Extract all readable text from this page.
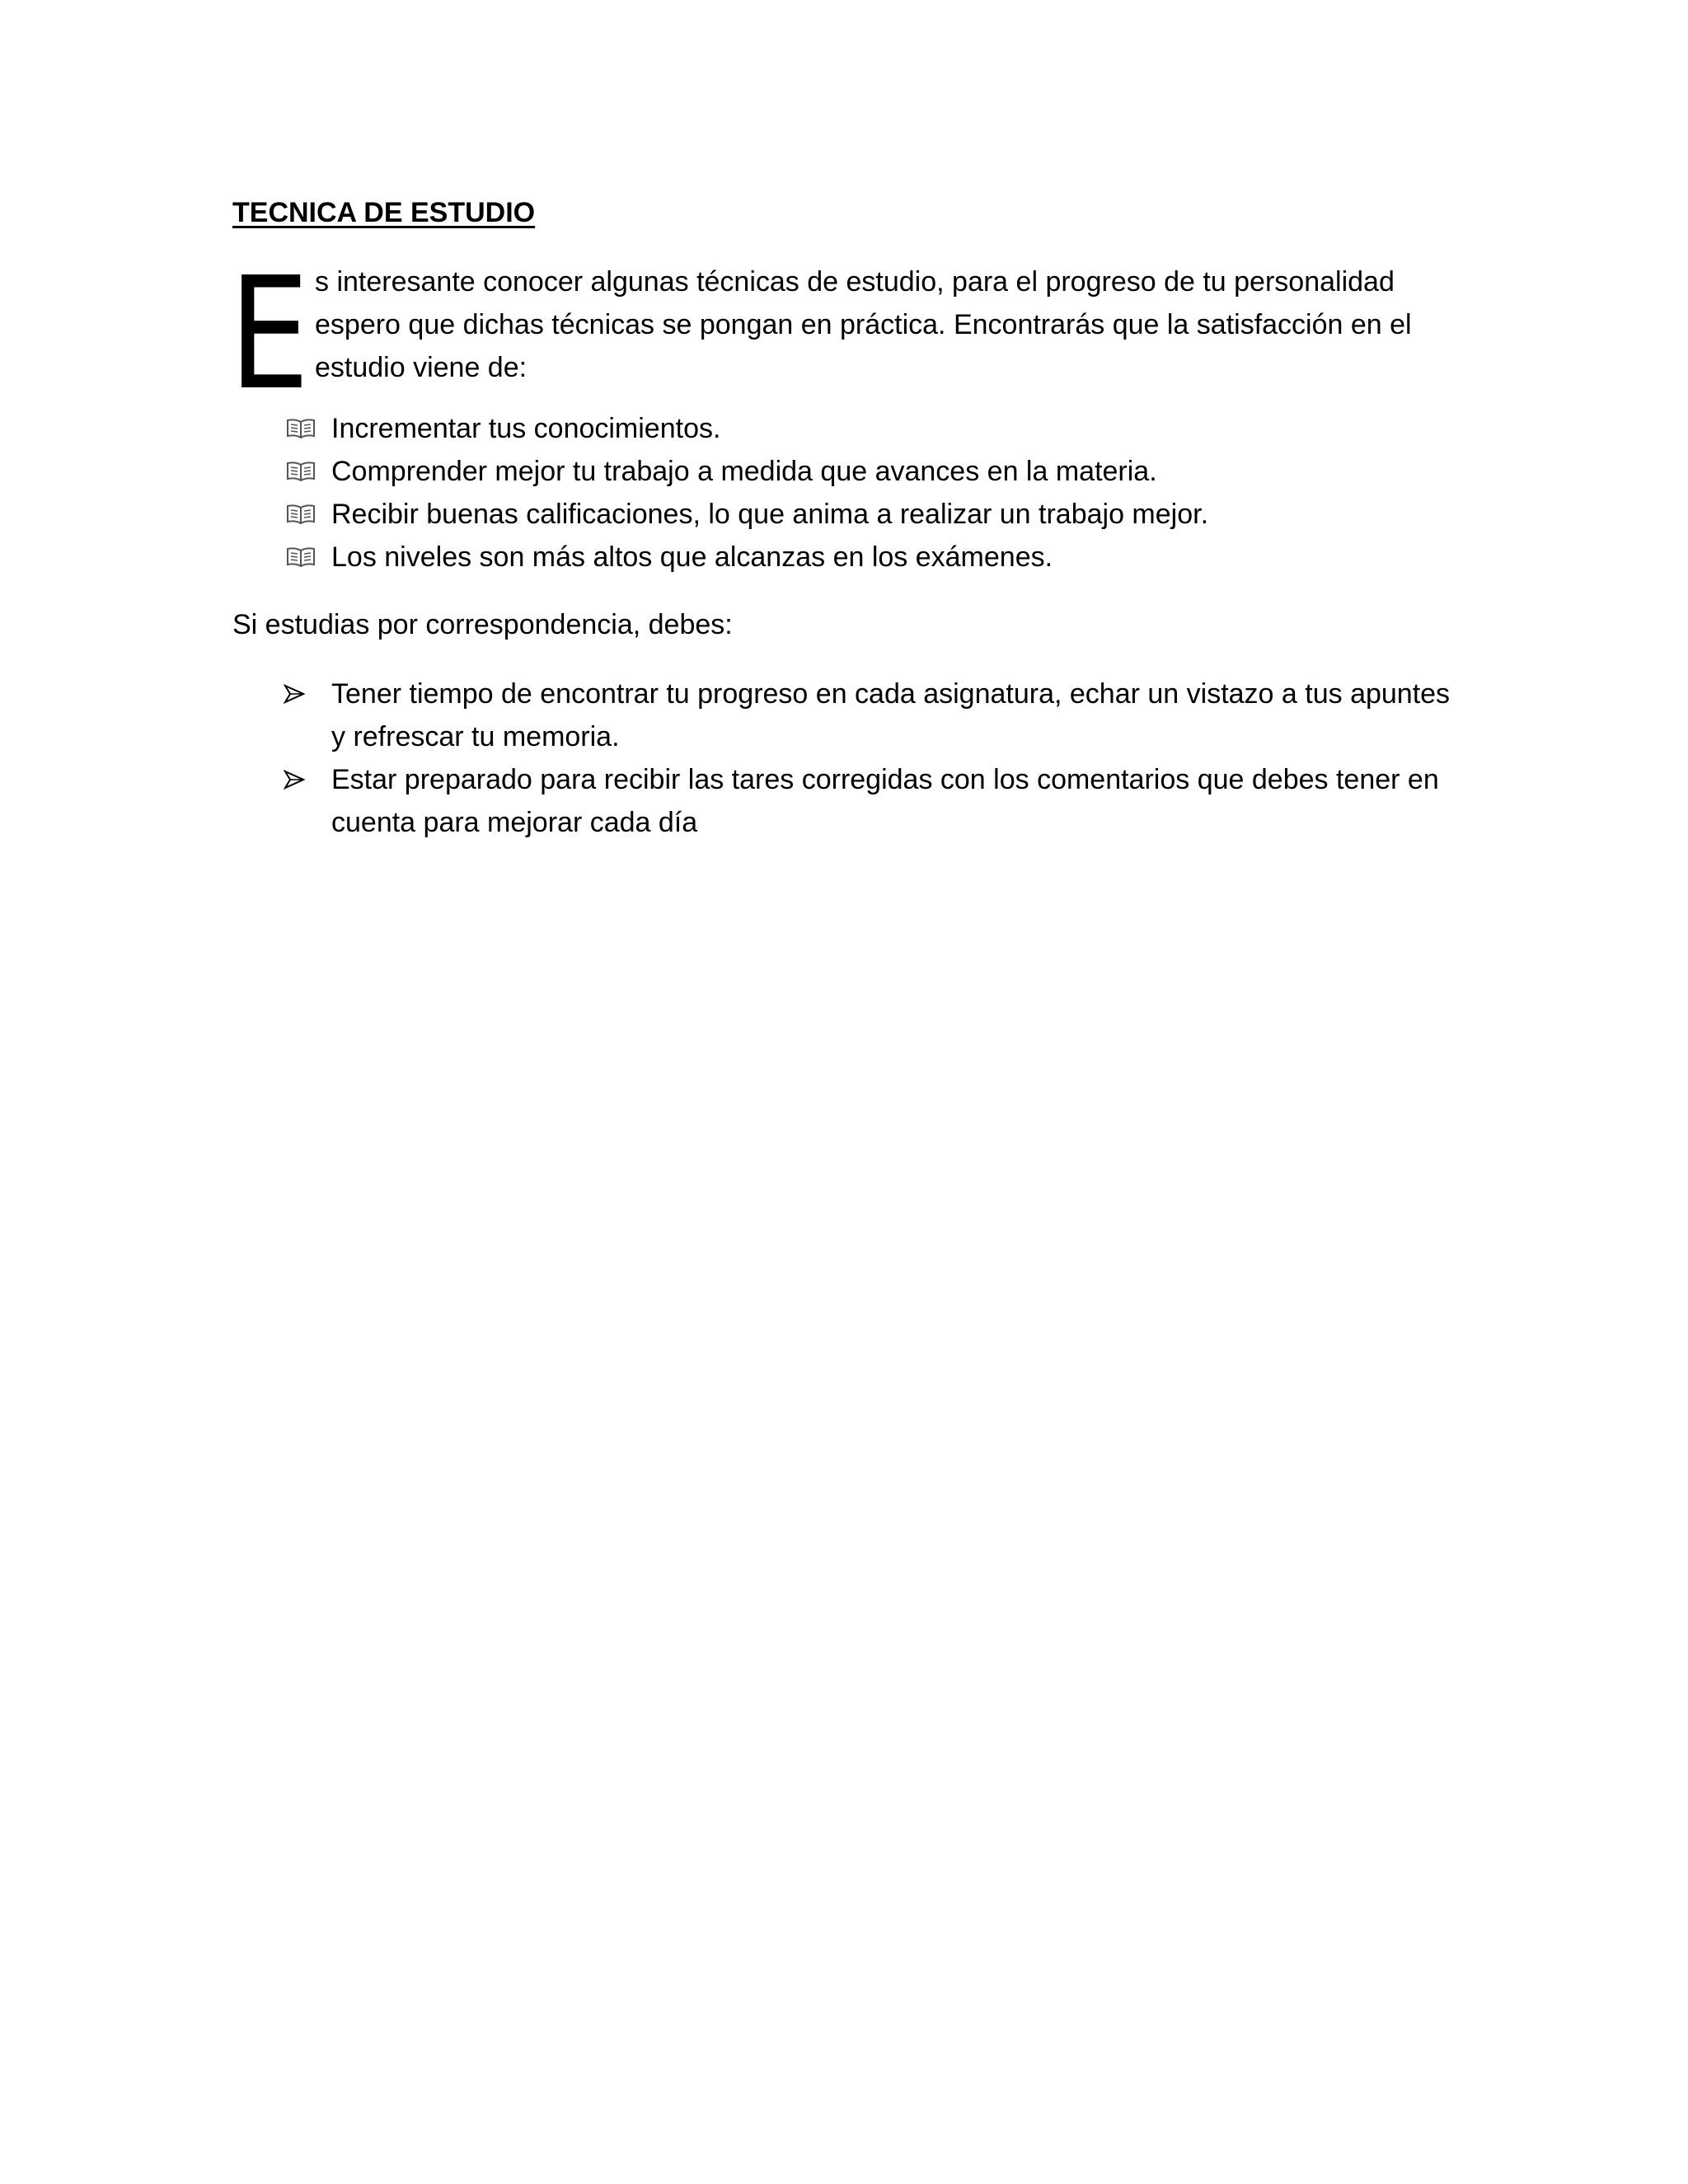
TECNICA DE ESTUDIO
E s interesante conocer algunas técnicas de estudio, para el progreso de tu personalidad
espero que dichas técnicas se pongan en práctica. Encontrarás que la satisfacción en el
estudio viene de:
Incrementar tus conocimientos.
Comprender mejor tu trabajo a medida que avances en la materia.
Recibir buenas calificaciones, lo que anima a realizar un trabajo mejor.
Los niveles son más altos que alcanzas en los exámenes.

Si estudias por correspondencia, debes:

Tener tiempo de encontrar tu progreso en cada asignatura, echar un vistazo a tus apuntes
y refrescar tu memoria.
Estar preparado para recibir las tares corregidas con los comentarios que debes tener en
cuenta para mejorar cada día
